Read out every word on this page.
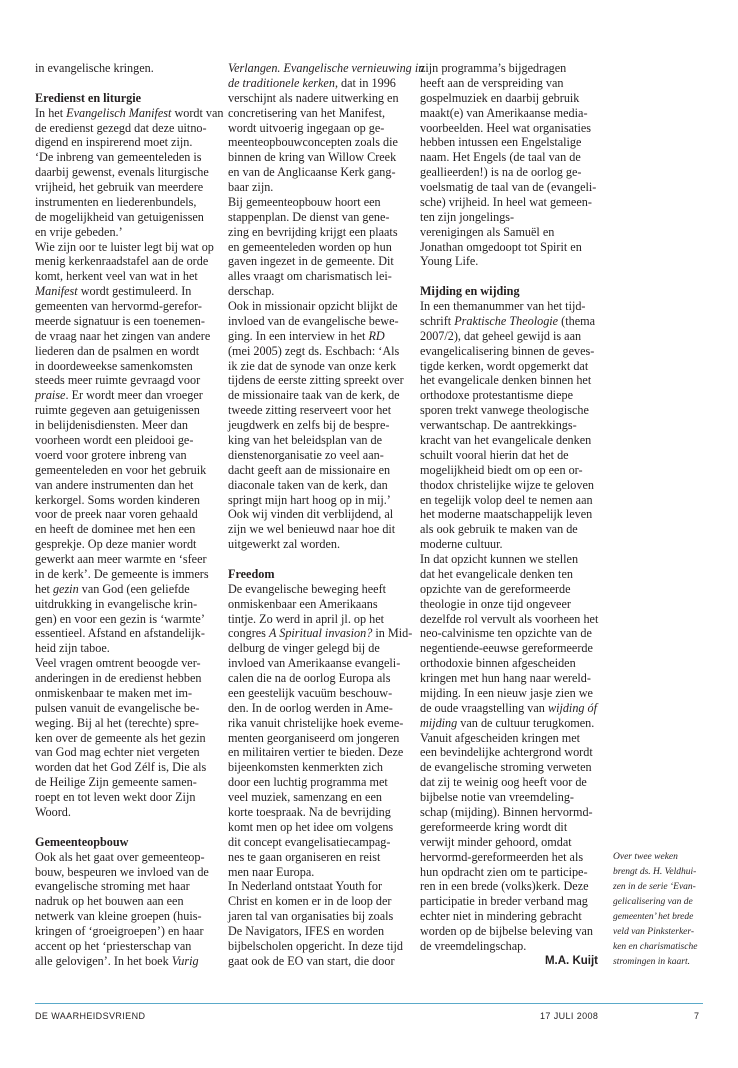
in evangelische kringen.
Eredienst en liturgie
In het Evangelisch Manifest wordt van
de eredienst gezegd dat deze uitno-
digend en inspirerend moet zijn.
‘De inbreng van gemeenteleden is
daarbij gewenst, evenals liturgische
vrijheid, het gebruik van meerdere
instrumenten en liederenbundels,
de mogelijkheid van getuigenissen
en vrije gebeden.’
Wie zijn oor te luister legt bij wat op
menig kerkenraadstafel aan de orde
komt, herkent veel van wat in het
Manifest wordt gestimuleerd. In
gemeenten van hervormd-gerefor-
meerde signatuur is een toenemen-
de vraag naar het zingen van andere
liederen dan de psalmen en wordt
in doordeweekse samenkomsten
steeds meer ruimte gevraagd voor
praise. Er wordt meer dan vroeger
ruimte gegeven aan getuigenissen
in belijdenisdiensten. Meer dan
voorheen wordt een pleidooi ge-
voerd voor grotere inbreng van
gemeenteleden en voor het gebruik
van andere instrumenten dan het
kerkorgel. Soms worden kinderen
voor de preek naar voren gehaald
en heeft de dominee met hen een
gesprekje. Op deze manier wordt
gewerkt aan meer warmte en ‘sfeer
in de kerk’. De gemeente is immers
het gezin van God (een geliefde
uitdrukking in evangelische krin-
gen) en voor een gezin is ‘warmte’
essentieel. Afstand en afstandelijk-
heid zijn taboe.
Veel vragen omtrent beoogde ver-
anderingen in de eredienst hebben
onmiskenbaar te maken met im-
pulsen vanuit de evangelische be-
weging. Bij al het (terechte) spre-
ken over de gemeente als het gezin
van God mag echter niet vergeten
worden dat het God Zélf is, Die als
de Heilige Zijn gemeente samen-
roept en tot leven wekt door Zijn
Woord.
Gemeenteopbouw
Ook als het gaat over gemeenteop-
bouw, bespeuren we invloed van de
evangelische stroming met haar
nadruk op het bouwen aan een
netwerk van kleine groepen (huis-
kringen of ‘groeigroepen’) en haar
accent op het ‘priesterschap van
alle gelovigen’. In het boek Vurig
Verlangen. Evangelische vernieuwing in
de traditionele kerken, dat in 1996
verschijnt als nadere uitwerking en
concretisering van het Manifest,
wordt uitvoerig ingegaan op ge-
meenteopbouwconcepten zoals die
binnen de kring van Willow Creek
en van de Anglicaanse Kerk gang-
baar zijn.
Bij gemeenteopbouw hoort een
stappenplan. De dienst van gene-
zing en bevrijding krijgt een plaats
en gemeenteleden worden op hun
gaven ingezet in de gemeente. Dit
alles vraagt om charismatisch lei-
derschap.
Ook in missionair opzicht blijkt de
invloed van de evangelische bewe-
ging. In een interview in het RD
(mei 2005) zegt ds. Eschbach: ‘Als
ik zie dat de synode van onze kerk
tijdens de eerste zitting spreekt over
de missionaire taak van de kerk, de
tweede zitting reserveert voor het
jeugdwerk en zelfs bij de bespre-
king van het beleidsplan van de
dienstenorganisatie zo veel aan-
dacht geeft aan de missionaire en
diaconale taken van de kerk, dan
springt mijn hart hoog op in mij.’
Ook wij vinden dit verblijdend, al
zijn we wel benieuwd naar hoe dit
uitgewerkt zal worden.
Freedom
De evangelische beweging heeft
onmiskenbaar een Amerikaans
tintje. Zo werd in april jl. op het
congres A Spiritual invasion? in Mid-
delburg de vinger gelegd bij de
invloed van Amerikaanse evangeli-
calen die na de oorlog Europa als
een geestelijk vacuüm beschouw-
den. In de oorlog werden in Ame-
rika vanuit christelijke hoek eveme-
menten georganiseerd om jongeren
en militairen vertier te bieden. Deze
bijeenkomsten kenmerkten zich
door een luchtig programma met
veel muziek, samenzang en een
korte toespraak. Na de bevrijding
komt men op het idee om volgens
dit concept evangelisatiecampag-
nes te gaan organiseren en reist
men naar Europa.
In Nederland ontstaat Youth for
Christ en komen er in de loop der
jaren tal van organisaties bij zoals
De Navigators, IFES en worden
bijbelscholen opgericht. In deze tijd
gaat ook de EO van start, die door	M.A. Kuijt
zijn programma’s bijgedragen
heeft aan de verspreiding van
gospelmuziek en daarbij gebruik
maakt(e) van Amerikaanse media-
voorbeelden. Heel wat organisaties
hebben intussen een Engelstalige
naam. Het Engels (de taal van de
geallieerden!) is na de oorlog ge-
voelsmatig de taal van de (evangeli-
sche) vrijheid. In heel wat gemeen-
ten zijn jongelings-
verenigingen als Samuël en
Jonathan omgedoopt tot Spirit en
Young Life.
Mijding en wijding
In een themanummer van het tijd-
schrift Praktische Theologie (thema
2007/2), dat geheel gewijd is aan
evangelicalisering binnen de geves-
tigde kerken, wordt opgemerkt dat
het evangelicale denken binnen het
orthodoxe protestantisme diepe
sporen trekt vanwege theologische
verwantschap. De aantrekkings-
kracht van het evangelicale denken
schuilt vooral hierin dat het de
mogelijkheid biedt om op een or-
thodox christelijke wijze te geloven
en tegelijk volop deel te nemen aan
het moderne maatschappelijk leven
als ook gebruik te maken van de
moderne cultuur.
In dat opzicht kunnen we stellen
dat het evangelicale denken ten
opzichte van de gereformeerde
theologie in onze tijd ongeveer
dezelfde rol vervult als voorheen het
neo-calvinisme ten opzichte van de
negentiende-eeuwse gereformeerde
orthodoxie binnen afgescheiden
kringen met hun hang naar wereld-
mijding. In een nieuw jasje zien we
de oude vraagstelling van wijding óf
mijding van de cultuur terugkomen.
Vanuit afgescheiden kringen met
een bevindelijke achtergrond wordt
de evangelische stroming verweten
dat zij te weinig oog heeft voor de
bijbelse notie van vreemdeling-
schap (mijding). Binnen hervormd-
gereformeerde kring wordt dit
verwijt minder gehoord, omdat
hervormd-gereformeerden het als
hun opdracht zien om te participe-
ren in een brede (volks)kerk. Deze
participatie in breder verband mag
echter niet in mindering gebracht
worden op de bijbelse beleving van
de vreemdelingschap.
Over twee weken
brengt ds. H. Veldhui-
zen in de serie ‘Evan-
gelicalisering van de
gemeenten’ het brede
veld van Pinksterker-
ken en charismatische
stromingen in kaart.
DE WAARHEIDSVRIEND	17 JULI 2008	7
